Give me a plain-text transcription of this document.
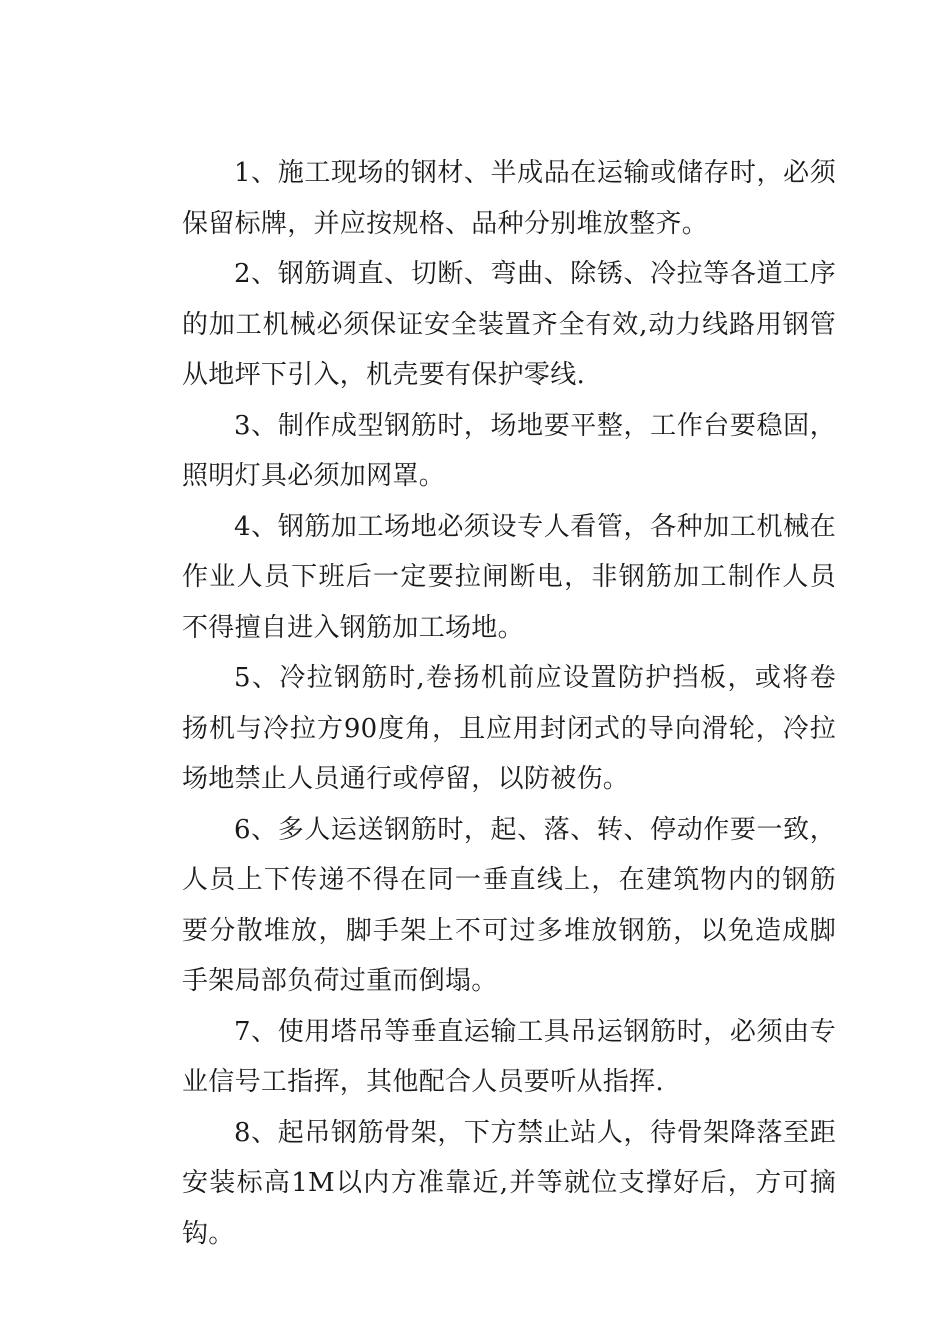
1、施工现场的钢材、半成品在运输或储存时，必须保留标牌，并应按规格、品种分别堆放整齐。

2、钢筋调直、切断、弯曲、除锈、冷拉等各道工序的加工机械必须保证安全装置齐全有效,动力线路用钢管从地坪下引入，机壳要有保护零线.

3、制作成型钢筋时，场地要平整，工作台要稳固，照明灯具必须加网罩。

4、钢筋加工场地必须设专人看管，各种加工机械在作业人员下班后一定要拉闸断电，非钢筋加工制作人员不得擅自进入钢筋加工场地。

5、冷拉钢筋时,卷扬机前应设置防护挡板，或将卷扬机与冷拉方90度角，且应用封闭式的导向滑轮，冷拉场地禁止人员通行或停留，以防被伤。

6、多人运送钢筋时，起、落、转、停动作要一致，人员上下传递不得在同一垂直线上，在建筑物内的钢筋要分散堆放，脚手架上不可过多堆放钢筋，以免造成脚手架局部负荷过重而倒塌。

7、使用塔吊等垂直运输工具吊运钢筋时，必须由专业信号工指挥，其他配合人员要听从指挥.

8、起吊钢筋骨架，下方禁止站人，待骨架降落至距安装标高1M以内方准靠近,并等就位支撑好后，方可摘钩。
